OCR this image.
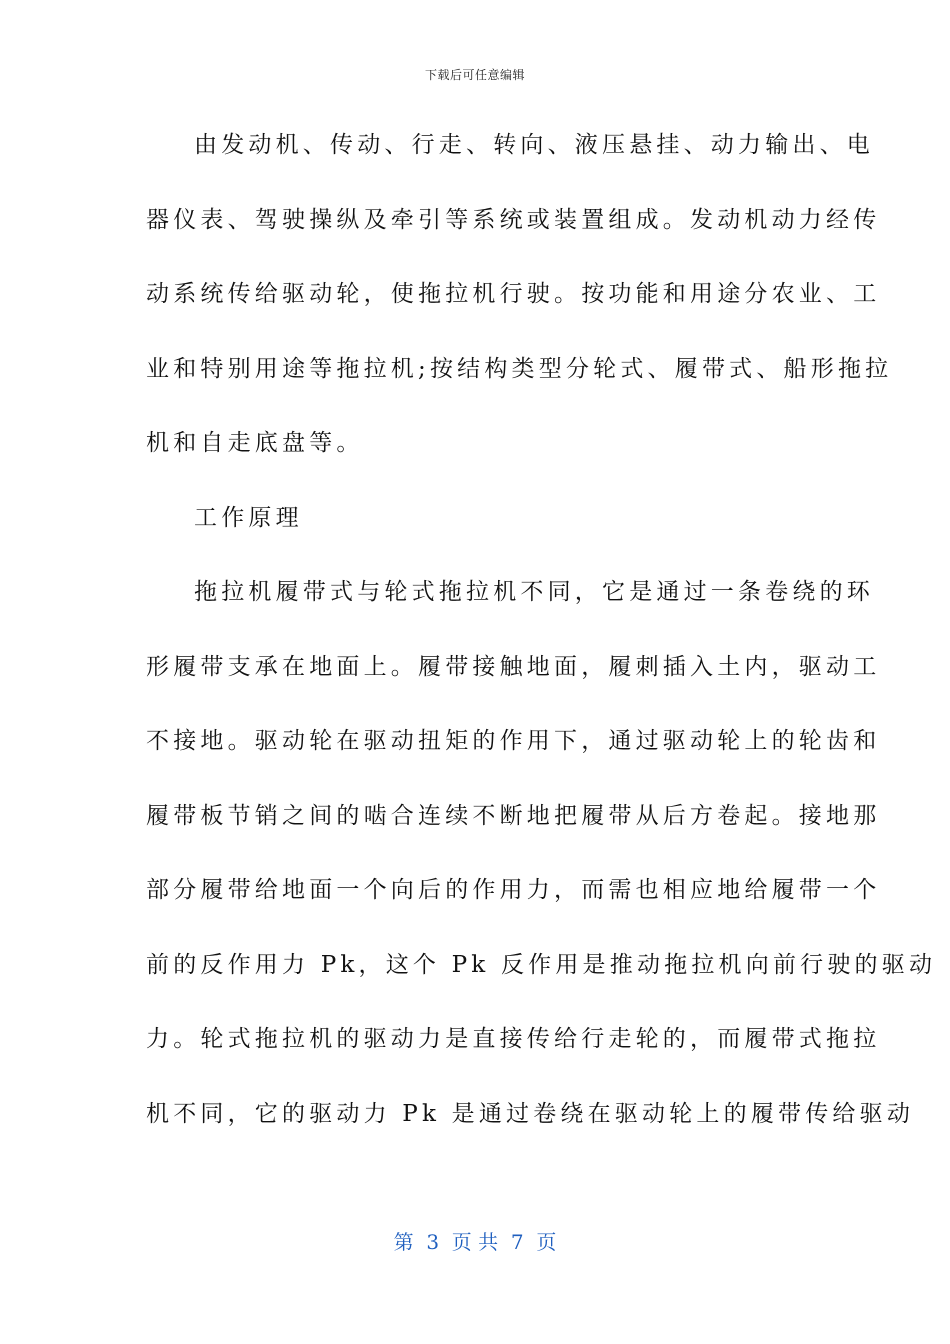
下载后可任意编辑
由发动机、传动、行走、转向、液压悬挂、动力输出、电
器仪表、驾驶操纵及牵引等系统或装置组成。发动机动力经传
动系统传给驱动轮，使拖拉机行驶。按功能和用途分农业、工
业和特别用途等拖拉机;按结构类型分轮式、履带式、船形拖拉
机和自走底盘等。
工作原理
拖拉机履带式与轮式拖拉机不同，它是通过一条卷绕的环
形履带支承在地面上。履带接触地面，履刺插入土内，驱动工
不接地。驱动轮在驱动扭矩的作用下，通过驱动轮上的轮齿和
履带板节销之间的啮合连续不断地把履带从后方卷起。接地那
部分履带给地面一个向后的作用力，而需也相应地给履带一个
前的反作用力 Pk，这个 Pk 反作用是推动拖拉机向前行驶的驱动
力。轮式拖拉机的驱动力是直接传给行走轮的，而履带式拖拉
机不同，它的驱动力 Pk 是通过卷绕在驱动轮上的履带传给驱动
第  3  页 共  7  页
